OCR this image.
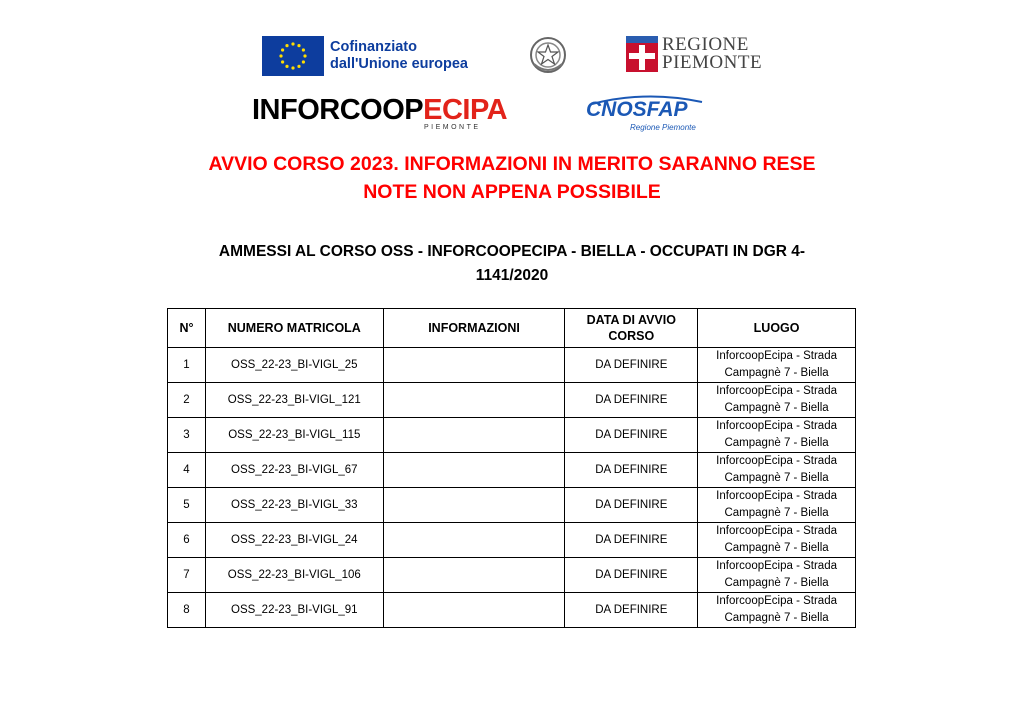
Cofinanziato
dall'Unione europea
REGIONE
PIEMONTE
INFORCOOPECIPA
PIEMONTE
CNOSFAP
Regione Piemonte
AVVIO CORSO 2023. INFORMAZIONI IN MERITO SARANNO RESE
NOTE NON APPENA POSSIBILE
AMMESSI AL CORSO OSS - INFORCOOPECIPA - BIELLA - OCCUPATI IN DGR 4-
1141/2020
N°	NUMERO MATRICOLA	INFORMAZIONI	DATA DI AVVIO
CORSO	LUOGO
1	OSS_22-23_BI-VIGL_25		DA DEFINIRE	InforcoopEcipa - Strada
Campagnè 7 - Biella

2	OSS_22-23_BI-VIGL_121		DA DEFINIRE	InforcoopEcipa - Strada
Campagnè 7 - Biella

3	OSS_22-23_BI-VIGL_115		DA DEFINIRE	InforcoopEcipa - Strada
Campagnè 7 - Biella

4	OSS_22-23_BI-VIGL_67		DA DEFINIRE	InforcoopEcipa - Strada
Campagnè 7 - Biella

5	OSS_22-23_BI-VIGL_33		DA DEFINIRE	InforcoopEcipa - Strada
Campagnè 7 - Biella

6	OSS_22-23_BI-VIGL_24		DA DEFINIRE	InforcoopEcipa - Strada
Campagnè 7 - Biella

7	OSS_22-23_BI-VIGL_106		DA DEFINIRE	InforcoopEcipa - Strada
Campagnè 7 - Biella

8	OSS_22-23_BI-VIGL_91		DA DEFINIRE	InforcoopEcipa - Strada
Campagnè 7 - Biella
